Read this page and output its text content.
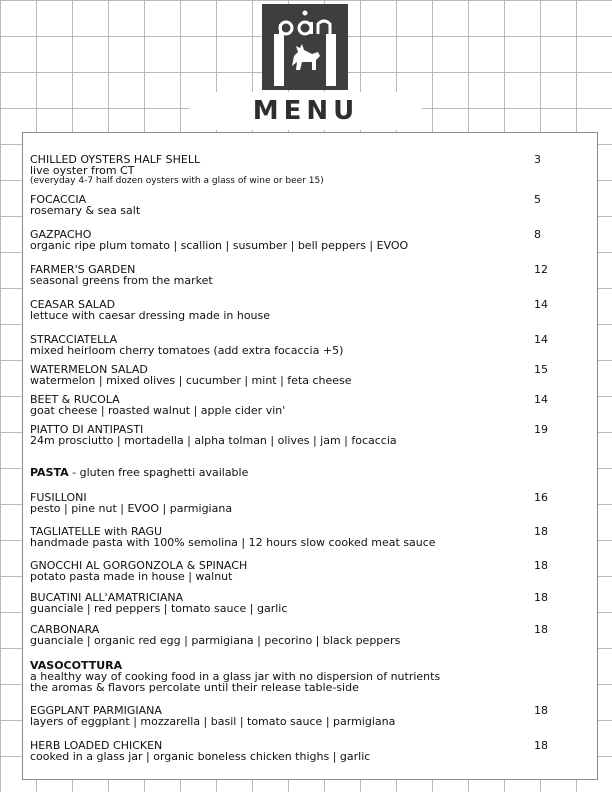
MENU
CHILLED OYSTERS HALF SHELL
live oyster from CT
(everyday 4-7 half dozen oysters with a glass of wine or beer 15)
3
FOCACCIA
rosemary & sea salt
5
GAZPACHO
organic ripe plum tomato | scallion | susumber | bell peppers | EVOO
8
FARMER'S GARDEN
seasonal greens from the market
12
CEASAR SALAD
lettuce with caesar dressing made in house
14
STRACCIATELLA
mixed heirloom cherry tomatoes (add extra focaccia +5)
14
WATERMELON SALAD
watermelon | mixed olives | cucumber | mint | feta cheese
15
BEET & RUCOLA
goat cheese | roasted walnut | apple cider vin'
14
PIATTO DI ANTIPASTI
24m prosciutto | mortadella | alpha tolman | olives | jam | focaccia
19
PASTA - gluten free spaghetti available
FUSILLONI
pesto | pine nut | EVOO | parmigiana
16
TAGLIATELLE with RAGU
handmade pasta with 100% semolina | 12 hours slow cooked meat sauce
18
GNOCCHI AL GORGONZOLA & SPINACH
potato pasta made in house | walnut
18
BUCATINI ALL'AMATRICIANA
guanciale | red peppers | tomato sauce | garlic
18
CARBONARA
guanciale | organic red egg | parmigiana | pecorino | black peppers
18
VASOCOTTURA
a healthy way of cooking food in a glass jar with no dispersion of nutrients
the aromas & flavors percolate until their release table-side
EGGPLANT PARMIGIANA
layers of eggplant | mozzarella | basil | tomato sauce | parmigiana
18
HERB LOADED CHICKEN
cooked in a glass jar | organic boneless chicken thighs | garlic
18
